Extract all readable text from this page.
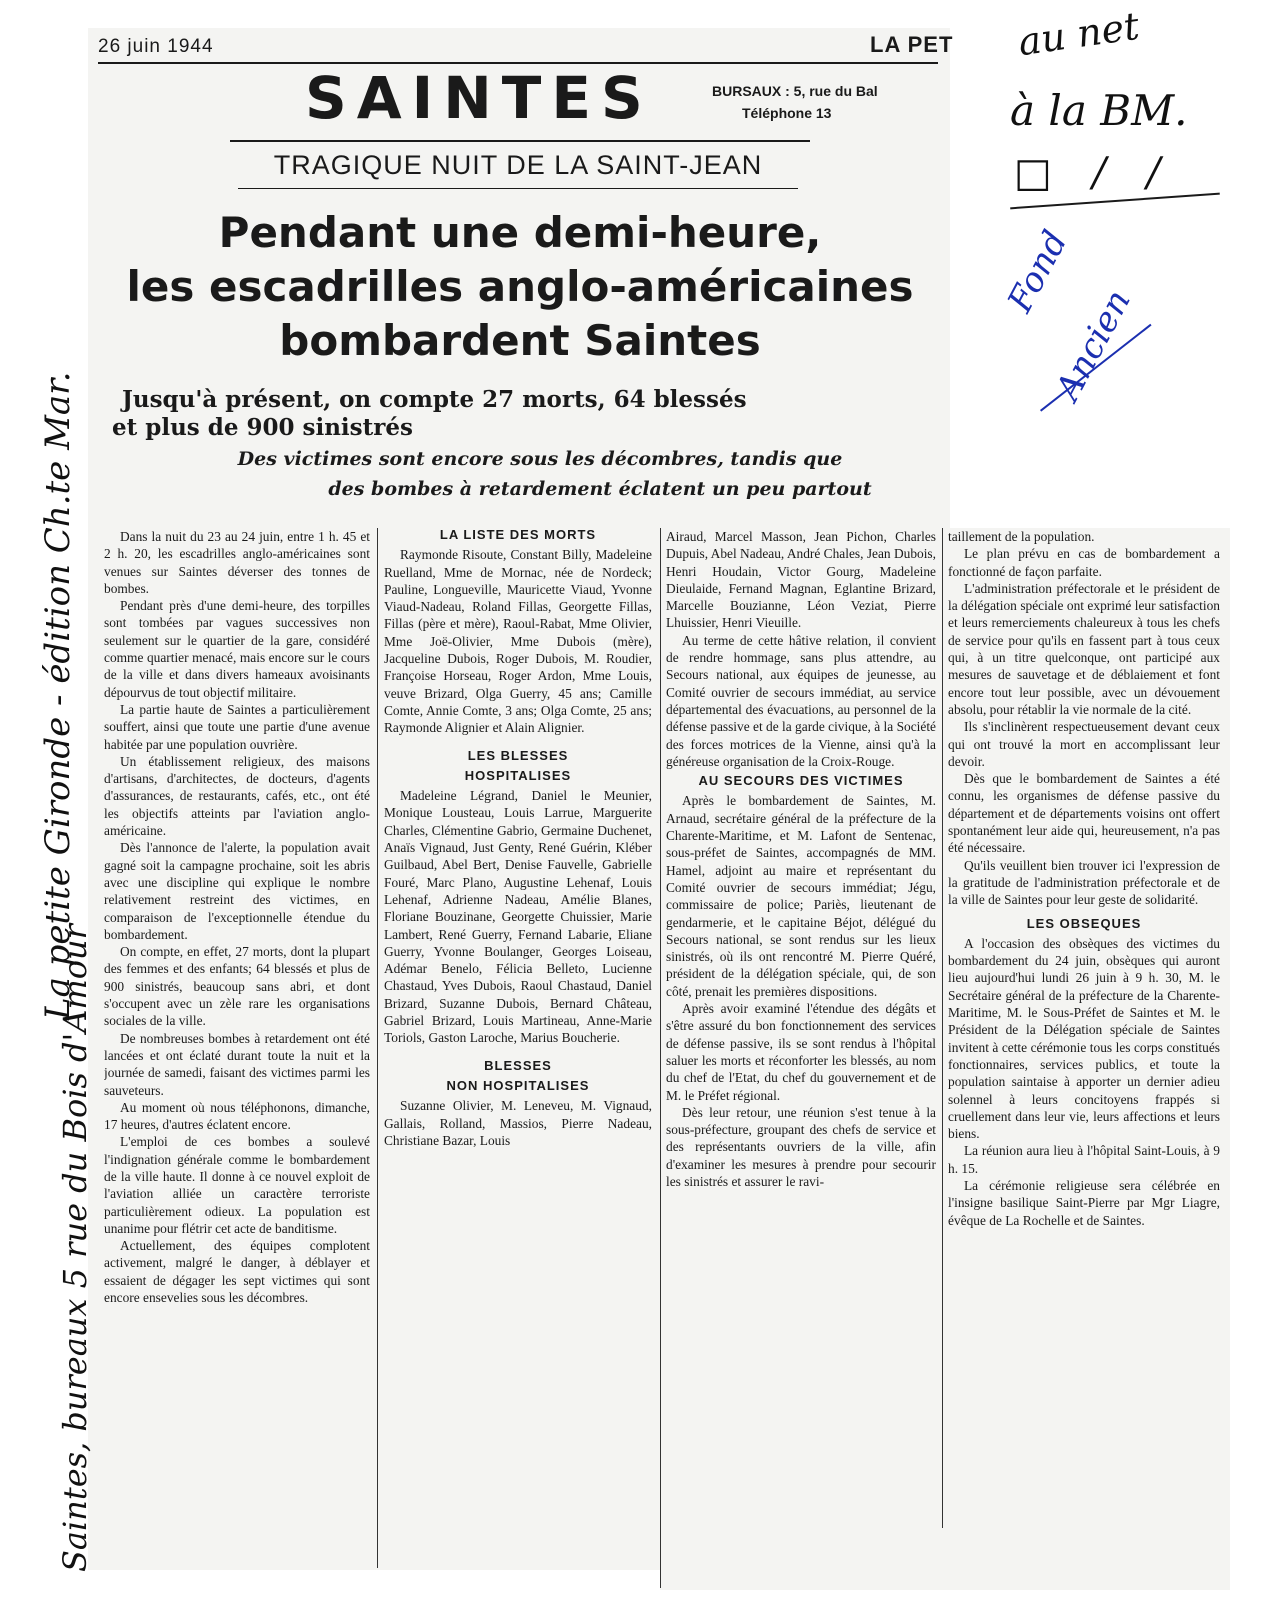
26 juin 1944	LA PET
SAINTES	BURSAUX : 5, rue du Bal
Téléphone 13
TRAGIQUE NUIT DE LA SAINT-JEAN
Pendant une demi-heure,
les escadrilles anglo-américaines
bombardent Saintes
Jusqu'à présent, on compte 27 morts, 64 blessés
et plus de 900 sinistrés
Des victimes sont encore sous les décombres, tandis que
des bombes à retardement éclatent un peu partout

Dans la nuit du 23 au 24 juin, entre 1 h. 45 et 2 h. 20, les escadrilles anglo-américaines sont venues sur Saintes déverser des tonnes de bombes.

Pendant près d'une demi-heure, des torpilles sont tombées par vagues successives non seulement sur le quartier de la gare, considéré comme quartier menacé, mais encore sur le cours de la ville et dans divers hameaux avoisinants dépourvus de tout objectif militaire.

La partie haute de Saintes a particulièrement souffert, ainsi que toute une partie d'une avenue habitée par une population ouvrière.

Un établissement religieux, des maisons d'artisans, d'architectes, de docteurs, d'agents d'assurances, de restaurants, cafés, etc., ont été les objectifs atteints par l'aviation anglo-américaine.

Dès l'annonce de l'alerte, la population avait gagné soit la campagne prochaine, soit les abris avec une discipline qui explique le nombre relativement restreint des victimes, en comparaison de l'exceptionnelle étendue du bombardement.

On compte, en effet, 27 morts, dont la plupart des femmes et des enfants; 64 blessés et plus de 900 sinistrés, beaucoup sans abri, et dont s'occupent avec un zèle rare les organisations sociales de la ville.

De nombreuses bombes à retardement ont été lancées et ont éclaté durant toute la nuit et la journée de samedi, faisant des victimes parmi les sauveteurs.

Au moment où nous téléphonons, dimanche, 17 heures, d'autres éclatent encore.

L'emploi de ces bombes a soulevé l'indignation générale comme le bombardement de la ville haute. Il donne à ce nouvel exploit de l'aviation alliée un caractère terroriste particulièrement odieux. La population est unanime pour flétrir cet acte de banditisme.

Actuellement, des équipes complotent activement, malgré le danger, à déblayer et essaient de dégager les sept victimes qui sont encore ensevelies sous les décombres.

LA LISTE DES MORTS

Raymonde Risoute, Constant Billy, Madeleine Ruelland, Mme de Mornac, née de Nordeck; Pauline, Longueville, Mauricette Viaud, Yvonne Viaud-Nadeau, Roland Fillas, Georgette Fillas, Fillas (père et mère), Raoul-Rabat, Mme Olivier, Mme Joë-Olivier, Mme Dubois (mère), Jacqueline Dubois, Roger Dubois, M. Roudier, Françoise Horseau, Roger Ardon, Mme Louis, veuve Brizard, Olga Guerry, 45 ans; Camille Comte, Annie Comte, 3 ans; Olga Comte, 25 ans; Raymonde Alignier et Alain Alignier.

LES BLESSES
HOSPITALISES

Madeleine Légrand, Daniel le Meunier, Monique Lousteau, Louis Larrue, Marguerite Charles, Clémentine Gabrio, Germaine Duchenet, Anaïs Vignaud, Just Genty, René Guérin, Kléber Guilbaud, Abel Bert, Denise Fauvelle, Gabrielle Fouré, Marc Plano, Augustine Lehenaf, Louis Lehenaf, Adrienne Nadeau, Amélie Blanes, Floriane Bouzinane, Georgette Chuissier, Marie Lambert, René Guerry, Fernand Labarie, Eliane Guerry, Yvonne Boulanger, Georges Loiseau, Adémar Benelo, Félicia Belleto, Lucienne Chastaud, Yves Dubois, Raoul Chastaud, Daniel Brizard, Suzanne Dubois, Bernard Château, Gabriel Brizard, Louis Martineau, Anne-Marie Toriols, Gaston Laroche, Marius Boucherie.

BLESSES
NON HOSPITALISES

Suzanne Olivier, M. Leneveu, M. Vignaud, Gallais, Rolland, Massios, Pierre Nadeau, Christiane Bazar, Louis

Airaud, Marcel Masson, Jean Pichon, Charles Dupuis, Abel Nadeau, André Chales, Jean Dubois, Henri Houdain, Victor Gourg, Madeleine Dieulaide, Fernand Magnan, Eglantine Brizard, Marcelle Bouzianne, Léon Veziat, Pierre Lhuissier, Henri Vieuille.

Au terme de cette hâtive relation, il convient de rendre hommage, sans plus attendre, au Secours national, aux équipes de jeunesse, au Comité ouvrier de secours immédiat, au service départemental des évacuations, au personnel de la défense passive et de la garde civique, à la Société des forces motrices de la Vienne, ainsi qu'à la généreuse organisation de la Croix-Rouge.

AU SECOURS DES VICTIMES

Après le bombardement de Saintes, M. Arnaud, secrétaire général de la préfecture de la Charente-Maritime, et M. Lafont de Sentenac, sous-préfet de Saintes, accompagnés de MM. Hamel, adjoint au maire et représentant du Comité ouvrier de secours immédiat; Jégu, commissaire de police; Pariès, lieutenant de gendarmerie, et le capitaine Béjot, délégué du Secours national, se sont rendus sur les lieux sinistrés, où ils ont rencontré M. Pierre Quéré, président de la délégation spéciale, qui, de son côté, prenait les premières dispositions.

Après avoir examiné l'étendue des dégâts et s'être assuré du bon fonctionnement des services de défense passive, ils se sont rendus à l'hôpital saluer les morts et réconforter les blessés, au nom du chef de l'Etat, du chef du gouvernement et de M. le Préfet régional.

Dès leur retour, une réunion s'est tenue à la sous-préfecture, groupant des chefs de service et des représentants ouvriers de la ville, afin d'examiner les mesures à prendre pour secourir les sinistrés et assurer le ravi-

taillement de la population.

Le plan prévu en cas de bombardement a fonctionné de façon parfaite.

L'administration préfectorale et le président de la délégation spéciale ont exprimé leur satisfaction et leurs remerciements chaleureux à tous les chefs de service pour qu'ils en fassent part à tous ceux qui, à un titre quelconque, ont participé aux mesures de sauvetage et de déblaiement et font encore tout leur possible, avec un dévouement absolu, pour rétablir la vie normale de la cité.

Ils s'inclinèrent respectueusement devant ceux qui ont trouvé la mort en accomplissant leur devoir.

Dès que le bombardement de Saintes a été connu, les organismes de défense passive du département et de départements voisins ont offert spontanément leur aide qui, heureusement, n'a pas été nécessaire.

Qu'ils veuillent bien trouver ici l'expression de la gratitude de l'administration préfectorale et de la ville de Saintes pour leur geste de solidarité.

LES OBSEQUES

A l'occasion des obsèques des victimes du bombardement du 24 juin, obsèques qui auront lieu aujourd'hui lundi 26 juin à 9 h. 30, M. le Secrétaire général de la préfecture de la Charente-Maritime, M. le Sous-Préfet de Saintes et M. le Président de la Délégation spéciale de Saintes invitent à cette cérémonie tous les corps constitués fonctionnaires, services publics, et toute la population saintaise à apporter un dernier adieu solennel à leurs concitoyens frappés si cruellement dans leur vie, leurs affections et leurs biens.

La réunion aura lieu à l'hôpital Saint-Louis, à 9 h. 15.

La cérémonie religieuse sera célébrée en l'insigne basilique Saint-Pierre par Mgr Liagre, évêque de La Rochelle et de Saintes.

au net
à la BM.
□ / /
Fond
Ancien
La petite Gironde - édition Ch.te Mar.
Saintes, bureaux 5 rue du Bois d'Amour
